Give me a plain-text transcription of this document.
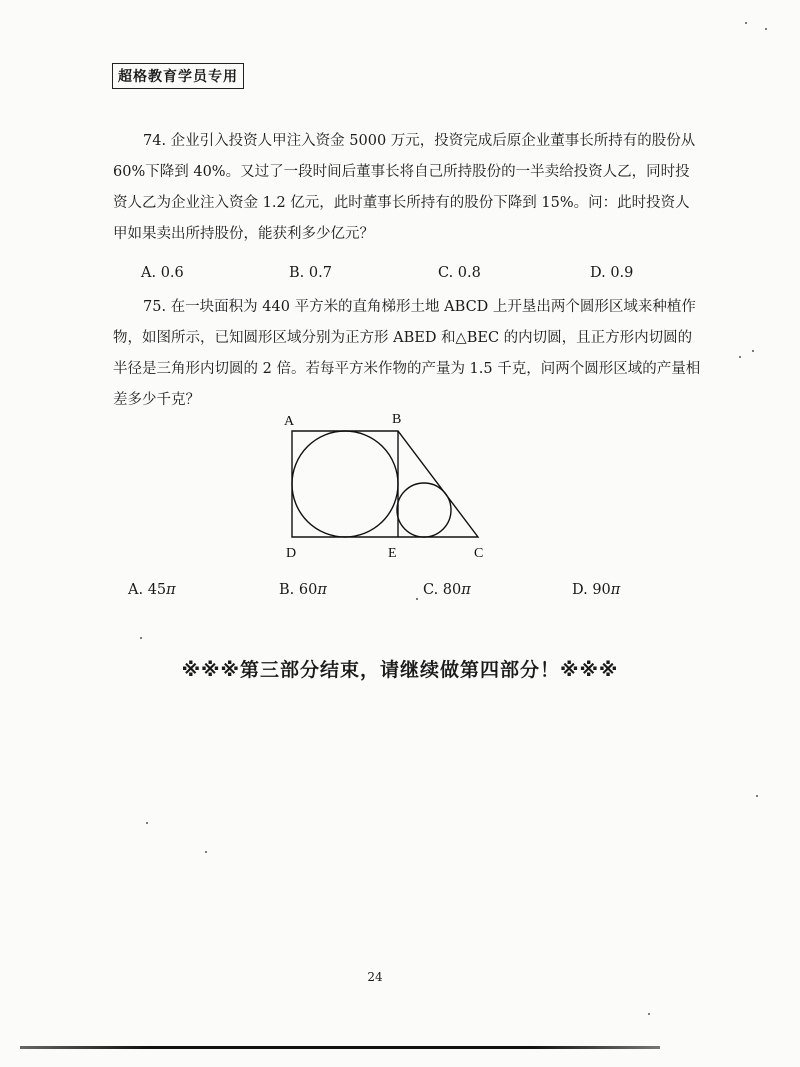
超格教育学员专用

74. 企业引入投资人甲注入资金 5000 万元，投资完成后原企业董事长所持有的股份从 60%下降到 40%。又过了一段时间后董事长将自己所持股份的一半卖给投资人乙，同时投资人乙为企业注入资金 1.2 亿元，此时董事长所持有的股份下降到 15%。问：此时投资人甲如果卖出所持股份，能获利多少亿元？

A. 0.6	B. 0.7	C. 0.8	D. 0.9

75. 在一块面积为 440 平方米的直角梯形土地 ABCD 上开垦出两个圆形区域来种植作物，如图所示，已知圆形区域分别为正方形 ABED 和△BEC 的内切圆，且正方形内切圆的半径是三角形内切圆的 2 倍。若每平方米作物的产量为 1.5 千克，问两个圆形区域的产量相差多少千克？

A	B
D	E	C
A. 45π	B. 60π	C. 80π	D. 90π
※※※第三部分结束，请继续做第四部分！※※※
24
